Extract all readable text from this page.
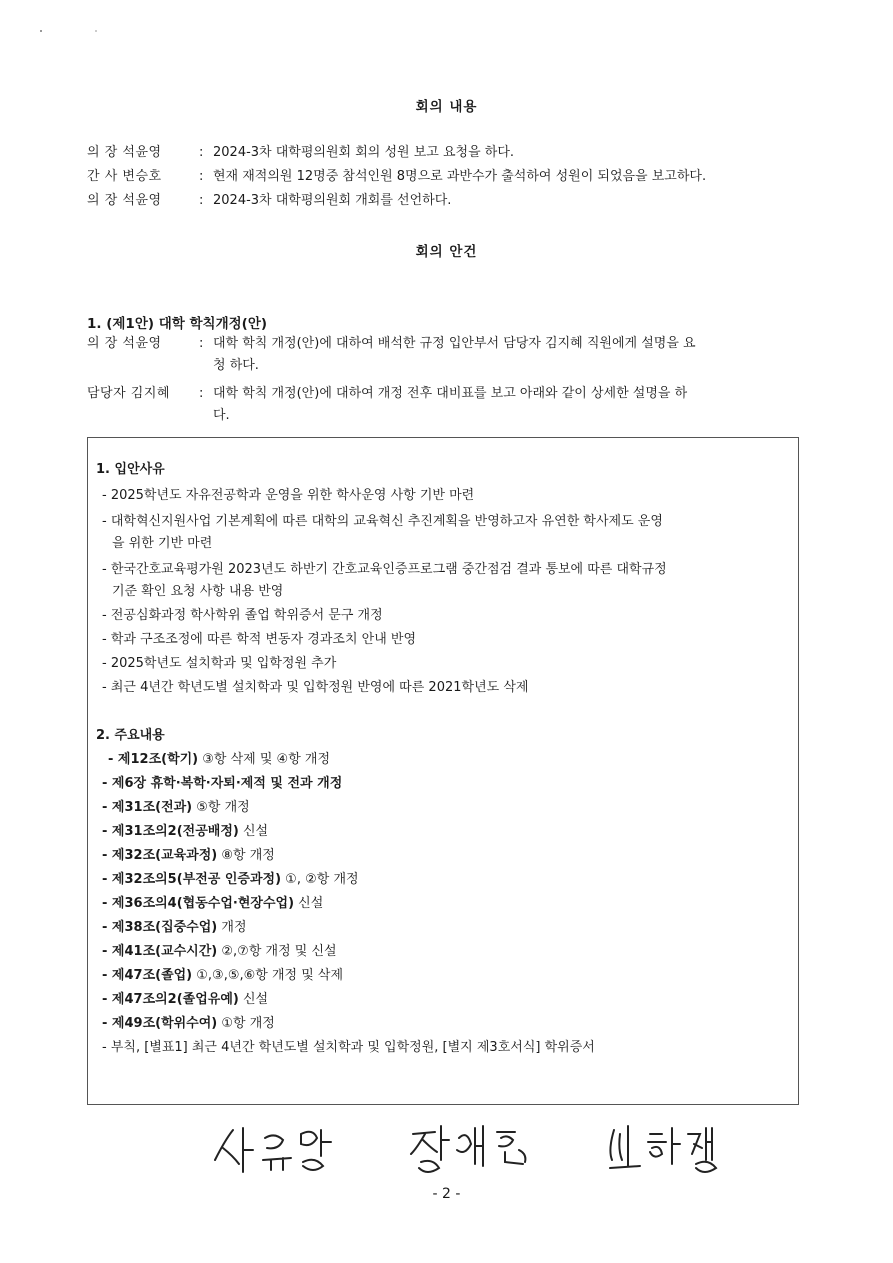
회의 내용
의 장 석윤영	: 2024-3차 대학평의원회 회의 성원 보고 요청을 하다.
간 사 변승호	: 현재 재적의원 12명중 참석인원 8명으로 과반수가 출석하여 성원이 되었음을 보고하다.
의 장 석윤영	: 2024-3차 대학평의원회 개회를 선언하다.
회의 안건
1. (제1안) 대학 학칙개정(안)
의 장 석윤영	: 대학 학칙 개정(안)에 대하여 배석한 규정 입안부서 담당자 김지혜 직원에게 설명을 요
청 하다.
담당자 김지혜 : 대학 학칙 개정(안)에 대하여 개정 전후 대비표를 보고 아래와 같이 상세한 설명을 하
다.
1. 입안사유
- 2025학년도 자유전공학과 운영을 위한 학사운영 사항 기반 마련
- 대학혁신지원사업 기본계획에 따른 대학의 교육혁신 추진계획을 반영하고자 유연한 학사제도 운영
을 위한 기반 마련
- 한국간호교육평가원 2023년도 하반기 간호교육인증프로그램 중간점검 결과 통보에 따른 대학규정
기준 확인 요청 사항 내용 반영
- 전공심화과정 학사학위 졸업 학위증서 문구 개정
- 학과 구조조정에 따른 학적 변동자 경과조치 안내 반영
- 2025학년도 설치학과 및 입학정원 추가
- 최근 4년간 학년도별 설치학과 및 입학정원 반영에 따른 2021학년도 삭제
2. 주요내용
- 제12조(학기) ③항 삭제 및 ④항 개정
- 제6장 휴학·복학·자퇴·제적 및 전과 개정
- 제31조(전과) ⑤항 개정
- 제31조의2(전공배정) 신설
- 제32조(교육과정) ⑧항 개정
- 제32조의5(부전공 인증과정) ①, ②항 개정
- 제36조의4(협동수업·현장수업) 신설
- 제38조(집중수업) 개정
- 제41조(교수시간) ②,⑦항 개정 및 신설
- 제47조(졸업) ①,③,⑤,⑥항 개정 및 삭제
- 제47조의2(졸업유예) 신설
- 제49조(학위수여) ①항 개정
- 부칙, [별표1] 최근 4년간 학년도별 설치학과 및 입학정원, [별지 제3호서식] 학위증서
- 2 -
